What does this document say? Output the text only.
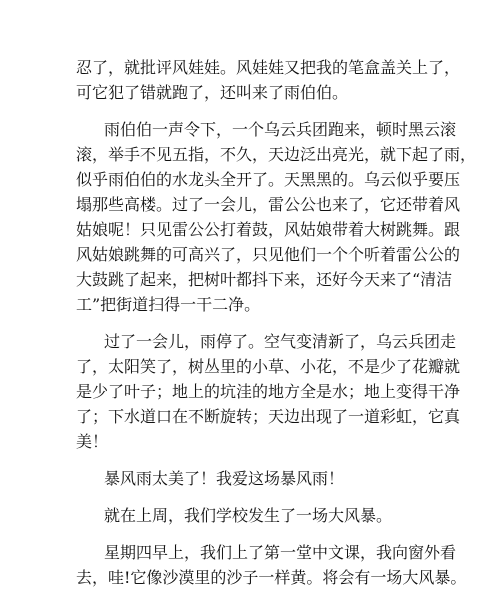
忍了，就批评风娃娃。风娃娃又把我的笔盒盖关上了，
可它犯了错就跑了，还叫来了雨伯伯。
雨伯伯一声令下，一个乌云兵团跑来，顿时黑云滚
滚，举手不见五指，不久，天边泛出亮光，就下起了雨，
似乎雨伯伯的水龙头全开了。天黑黑的。乌云似乎要压
塌那些高楼。过了一会儿，雷公公也来了，它还带着风
姑娘呢！只见雷公公打着鼓，风姑娘带着大树跳舞。跟
风姑娘跳舞的可高兴了，只见他们一个个听着雷公公的
大鼓跳了起来，把树叶都抖下来，还好今天来了“清洁
工”把街道扫得一干二净。
过了一会儿，雨停了。空气变清新了，乌云兵团走
了，太阳笑了，树丛里的小草、小花，不是少了花瓣就
是少了叶子；地上的坑洼的地方全是水；地上变得干净
了；下水道口在不断旋转；天边出现了一道彩虹，它真
美！
暴风雨太美了！我爱这场暴风雨！
就在上周，我们学校发生了一场大风暴。
星期四早上，我们上了第一堂中文课，我向窗外看
去，哇!它像沙漠里的沙子一样黄。将会有一场大风暴。
